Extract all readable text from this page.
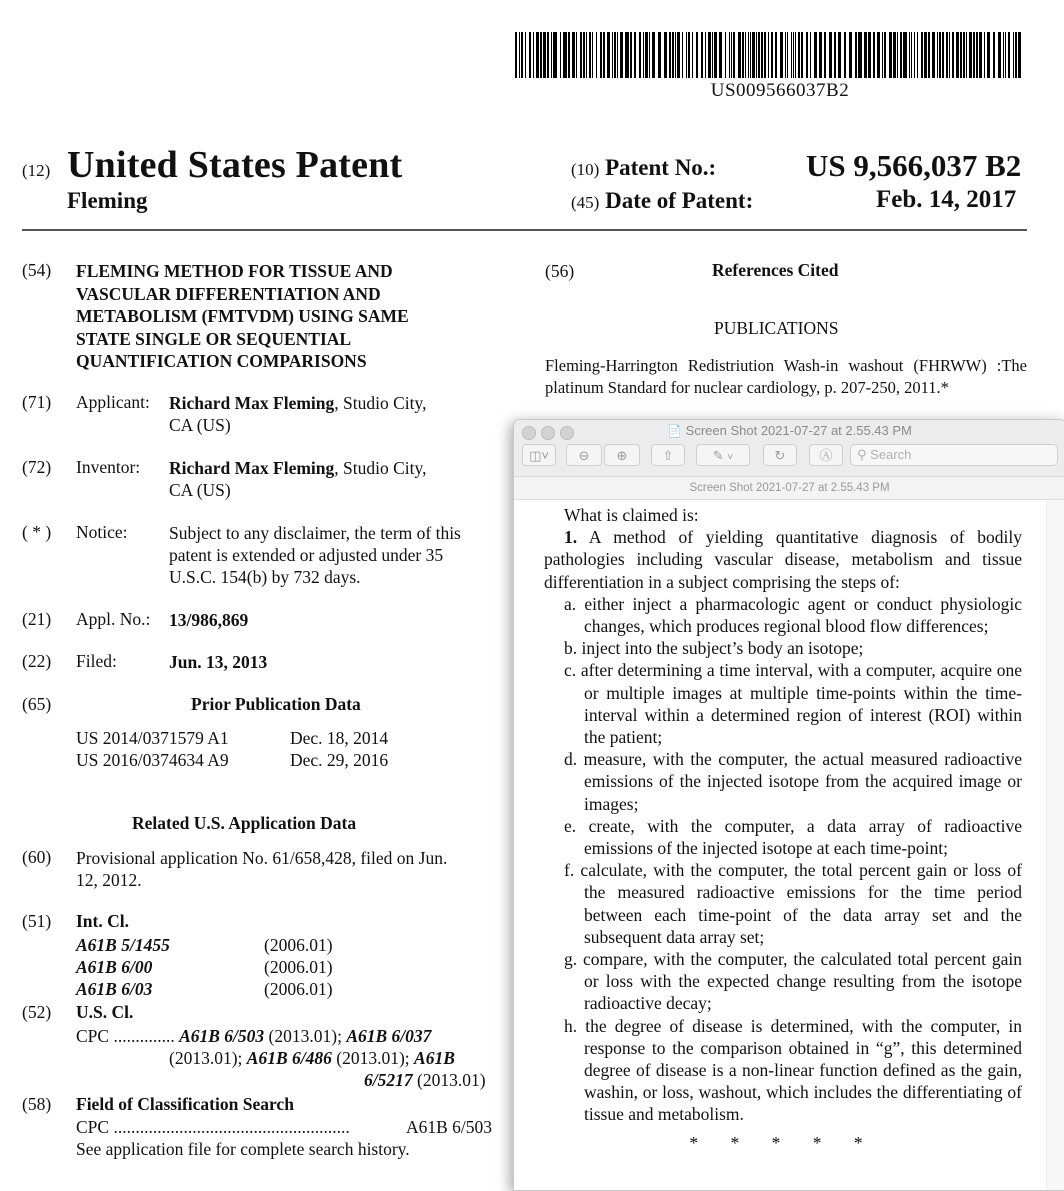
US009566037B2
(12) United States Patent
Fleming
(10) Patent No.:	US 9,566,037 B2
(45) Date of Patent:	Feb. 14, 2017
(54) FLEMING METHOD FOR TISSUE AND
VASCULAR DIFFERENTIATION AND
METABOLISM (FMTVDM) USING SAME
STATE SINGLE OR SEQUENTIAL
QUANTIFICATION COMPARISONS
(71) Applicant: Richard Max Fleming, Studio City,
CA (US)
(72) Inventor: Richard Max Fleming, Studio City,
CA (US)
( * ) Notice: Subject to any disclaimer, the term of this
patent is extended or adjusted under 35
U.S.C. 154(b) by 732 days.
(21) Appl. No.: 13/986,869
(22) Filed:	Jun. 13, 2013
(65)	Prior Publication Data
US 2014/0371579 A1	Dec. 18, 2014
US 2016/0374634 A9	Dec. 29, 2016
Related U.S. Application Data
(60) Provisional application No. 61/658,428, filed on Jun.
12, 2012.
(51) Int. Cl.
A61B 5/1455	(2006.01)
A61B 6/00	(2006.01)
A61B 6/03	(2006.01)
(52) U.S. Cl.
CPC .............. A61B 6/503 (2013.01); A61B 6/037
(2013.01); A61B 6/486 (2013.01); A61B
6/5217 (2013.01)
(58) Field of Classification Search
CPC ......................................................	A61B 6/503
See application file for complete search history.
(56)	References Cited
PUBLICATIONS
Fleming-Harrington Redistriution Wash-in washout (FHRWW) :The platinum Standard for nuclear cardiology, p. 207-250, 2011.*
📄 Screen Shot 2021-07-27 at 2.55.43 PM
◫˅	⊖	⊕	⇧	✎ ˅	↻	Ⓐ	⚲ Search
Screen Shot 2021-07-27 at 2.55.43 PM
What is claimed is:
1. A method of yielding quantitative diagnosis of bodily pathologies including vascular disease, metabolism and tissue differentiation in a subject comprising the steps of:
a. either inject a pharmacologic agent or conduct physiologic changes, which produces regional blood flow differences;
b. inject into the subject’s body an isotope;
c. after determining a time interval, with a computer, acquire one or multiple images at multiple time-points within the time-interval within a determined region of interest (ROI) within the patient;
d. measure, with the computer, the actual measured radioactive emissions of the injected isotope from the acquired image or images;
e. create, with the computer, a data array of radioactive emissions of the injected isotope at each time-point;
f. calculate, with the computer, the total percent gain or loss of the measured radioactive emissions for the time period between each time-point of the data array set and the subsequent data array set;
g. compare, with the computer, the calculated total percent gain or loss with the expected change resulting from the isotope radioactive decay;
h. the degree of disease is determined, with the computer, in response to the comparison obtained in “g”, this determined degree of disease is a non-linear function defined as the gain, washin, or loss, washout, which includes the differentiating of tissue and metabolism.
* * * * *
